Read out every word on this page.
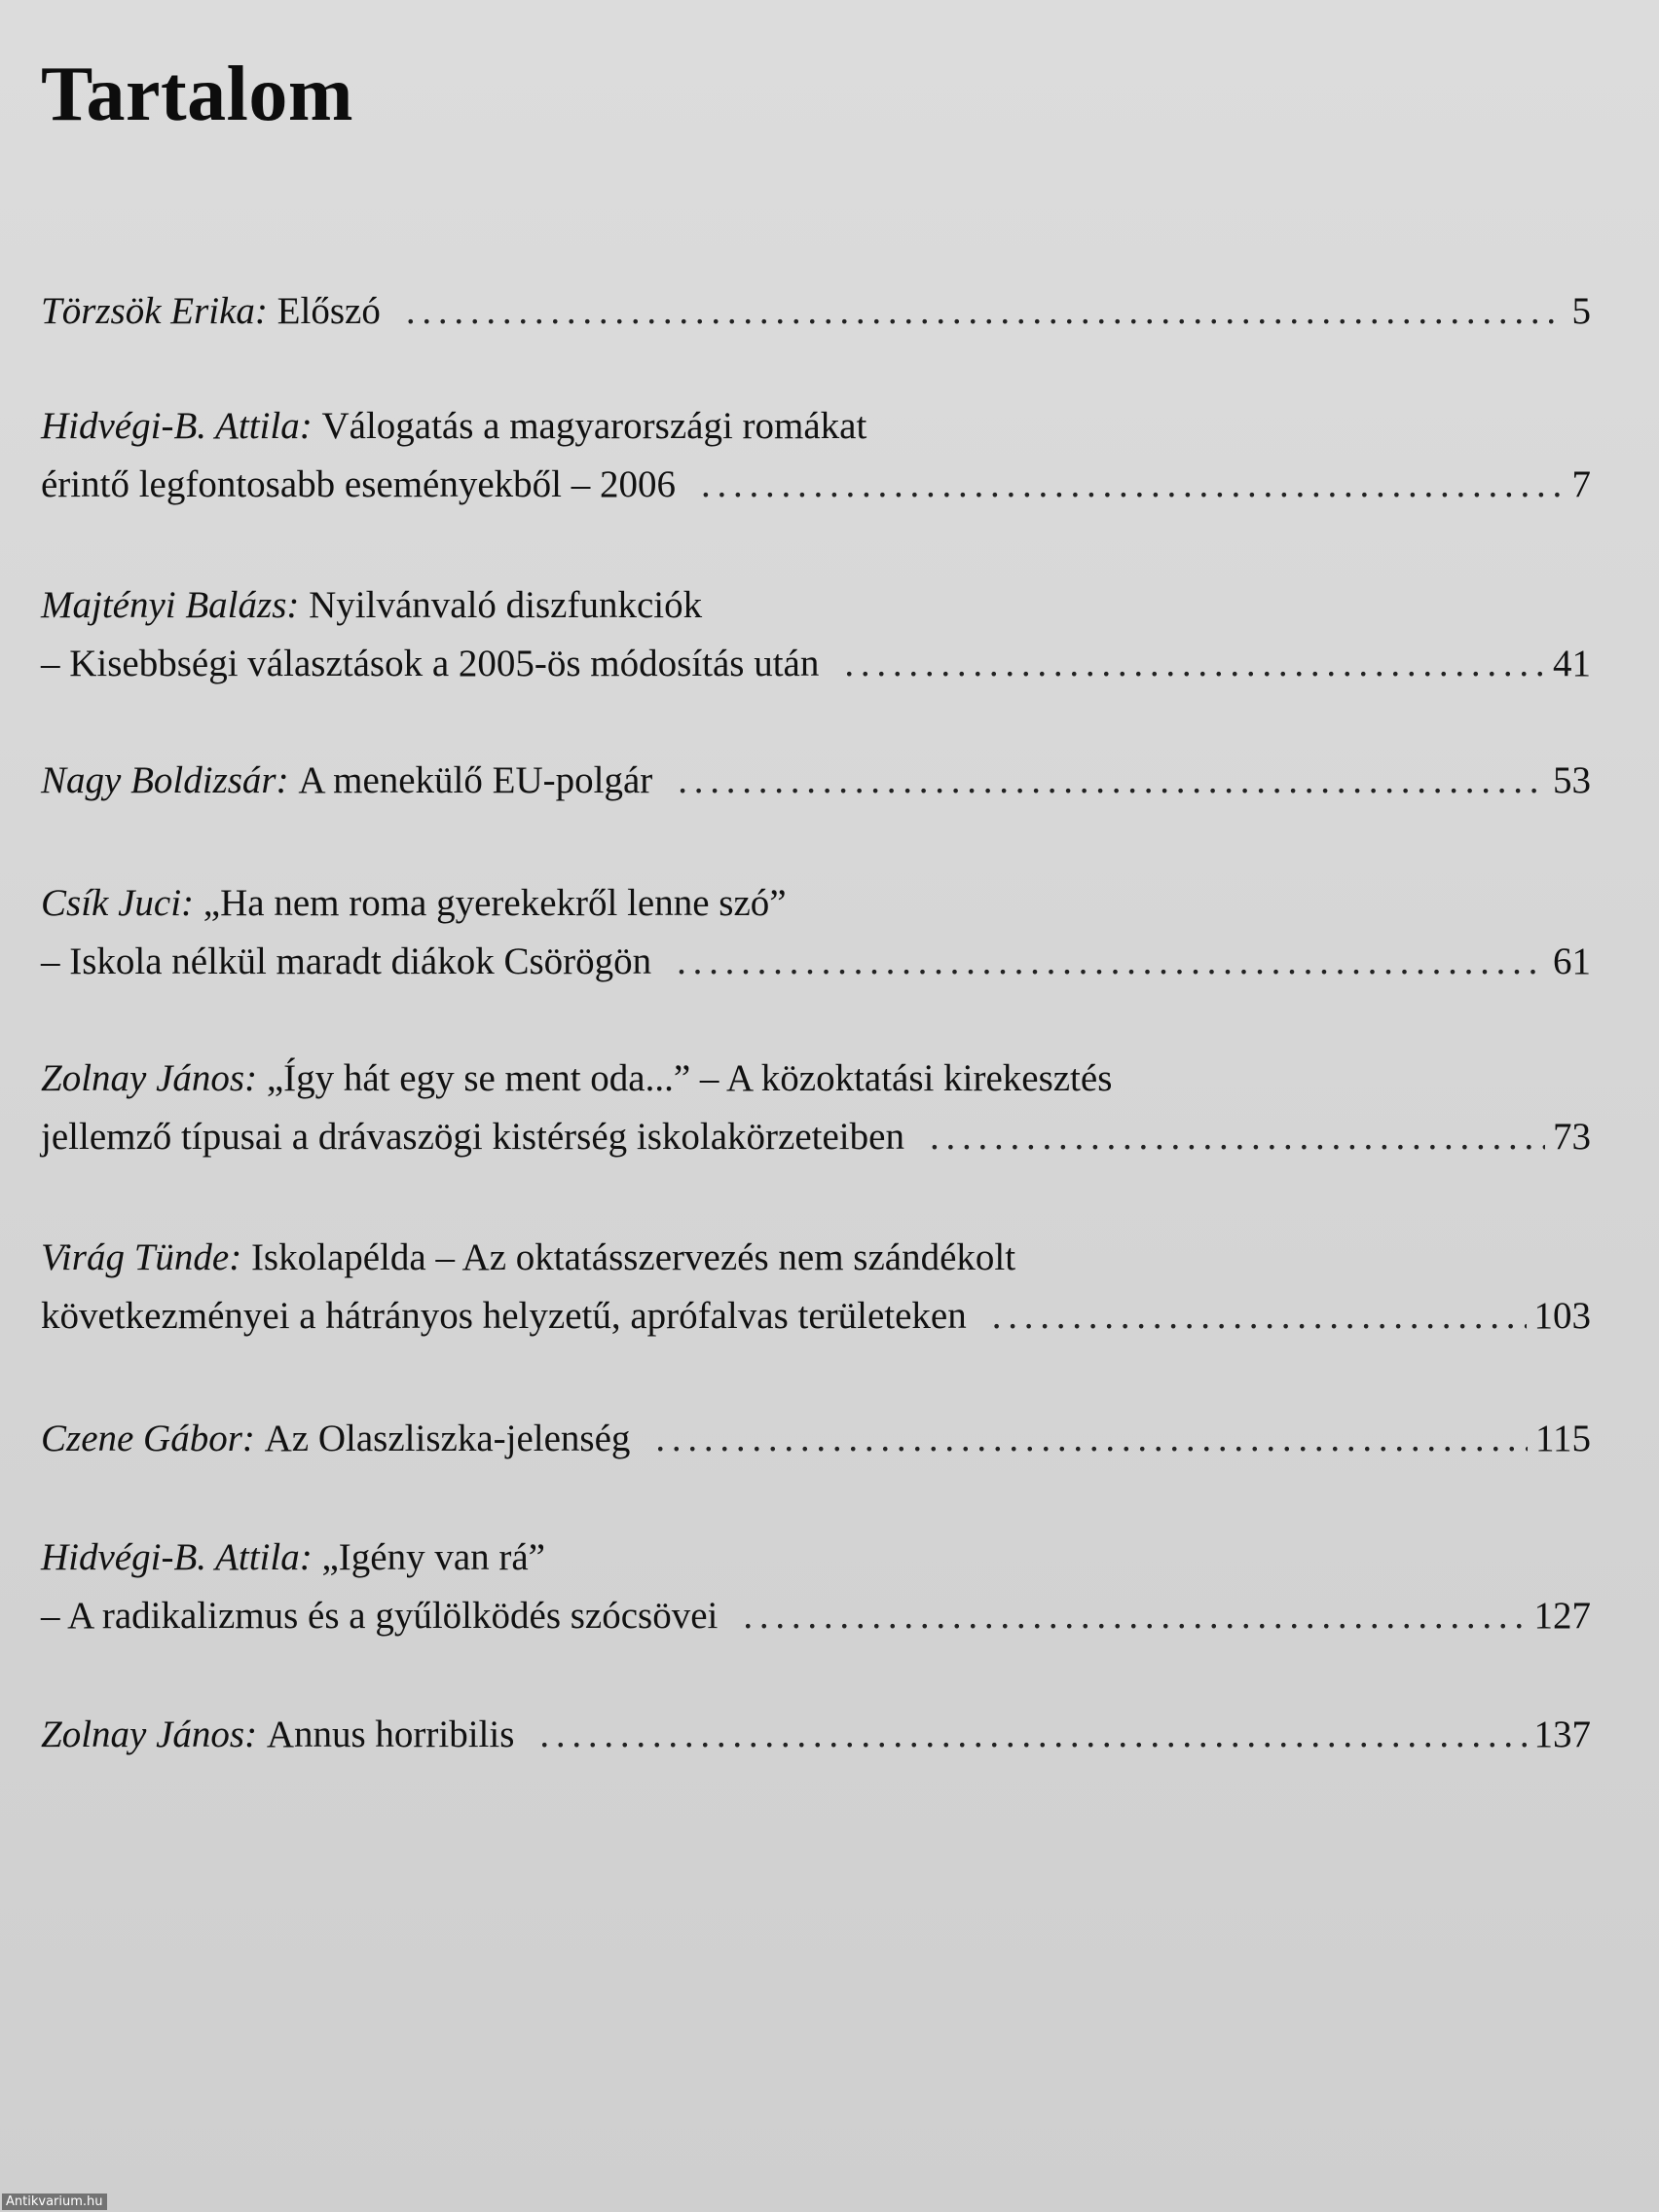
Tartalom
Törzsök Erika:
Előszó . . .	5
Hidvégi-B. Attila:
Válogatás a magyarországi romákat
érintő legfontosabb eseményekből – 2006 . . .	7
Majtényi Balázs:
Nyilvánvaló diszfunkciók
– Kisebbségi választások a 2005-ös módosítás után . . .	41
Nagy Boldizsár:
A menekülő EU-polgár . . .	53
Csík Juci:
„Ha nem roma gyerekekről lenne szó”
– Iskola nélkül maradt diákok Csörögön . . .	61
Zolnay János:
„Így hát egy se ment oda...” – A közoktatási kirekesztés
jellemző típusai a drávaszögi kistérség iskolakörzeteiben . . .	73
Virág Tünde:
Iskolapélda – Az oktatásszervezés nem szándékolt
következményei a hátrányos helyzetű, aprófalvas területeken . . .	103
Czene Gábor:
Az Olaszliszka-jelenség . . .	115
Hidvégi-B. Attila:
„Igény van rá”
– A radikalizmus és a gyűlölködés szócsövei . . .	127
Zolnay János:
Annus horribilis . . .	137
Antikvarium.hu
